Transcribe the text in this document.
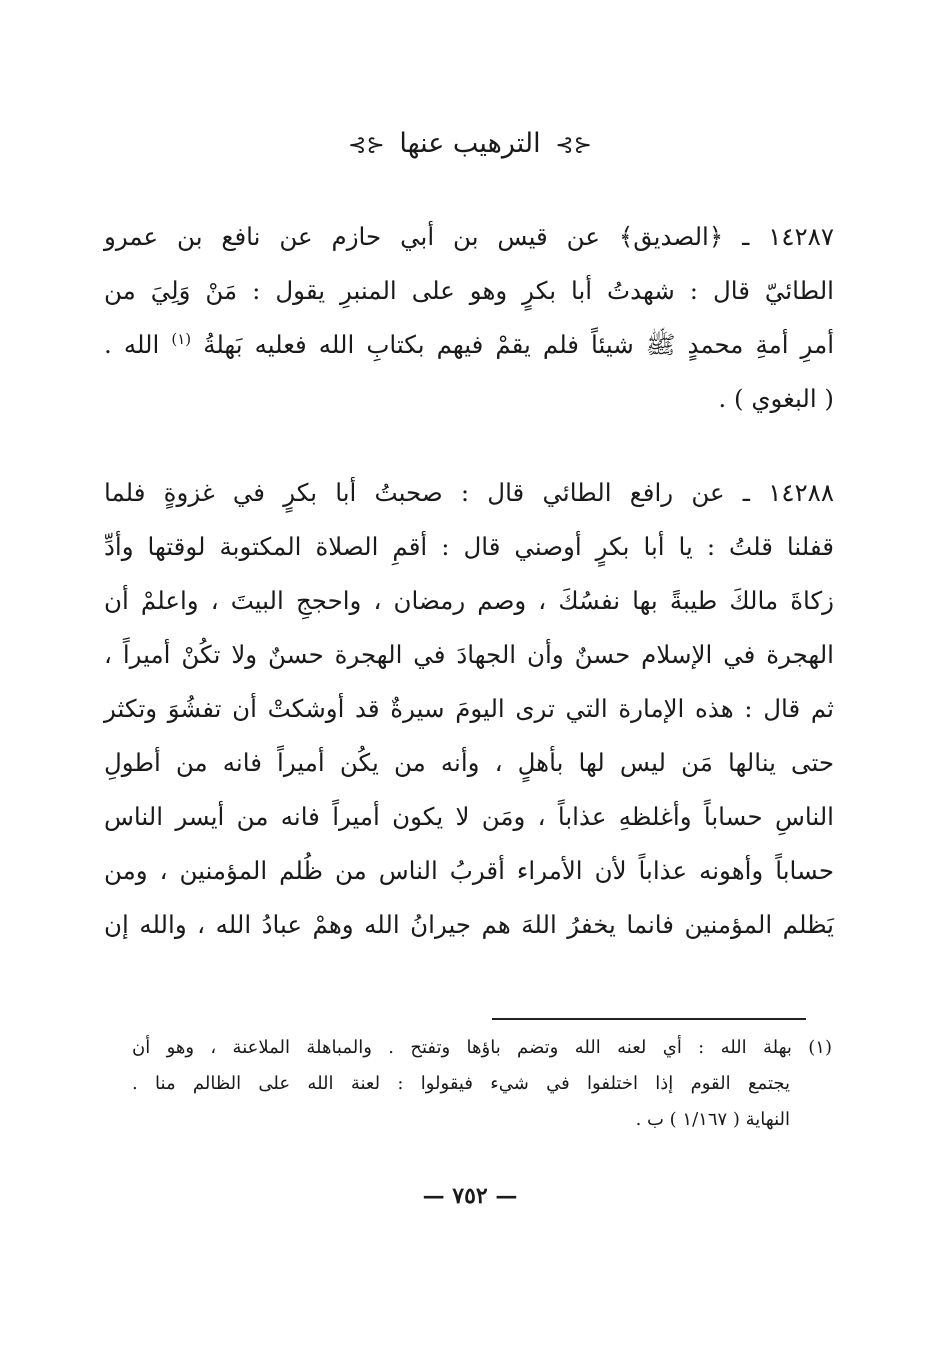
⊰⊱ الترهيب عنها ⊰⊱
١٤٢٨٧ ـ ﴿الصديق﴾ عن قيس بن أبي حازم عن نافع بن عمرو
الطائيّ قال : شهدتُ أبا بكرٍ وهو على المنبرِ يقول : مَنْ وَلِيَ من
أمرِ أمةِ محمدٍ ﷺ شيئاً فلم يقمْ فيهم بكتابِ الله فعليه بَهلةُ $^{(١)}$ الله .
( البغوي ) .
١٤٢٨٨ ـ عن رافع الطائي قال : صحبتُ أبا بكرٍ في غزوةٍ فلما
قفلنا قلتُ : يا أبا بكرٍ أوصني قال : أقمِ الصلاة المكتوبة لوقتها وأدِّ
زكاةَ مالكَ طيبةً بها نفسُكَ ، وصم رمضان ، واحججِ البيتَ ، واعلمْ أن
الهجرة في الإسلام حسنٌ وأن الجهادَ في الهجرة حسنٌ ولا تكُنْ أميراً ،
ثم قال : هذه الإمارة التي ترى اليومَ سيرةٌ قد أوشكتْ أن تفشُوَ وتكثر
حتى ينالها مَن ليس لها بأهلٍ ، وأنه من يكُن أميراً فانه من أطولِ
الناسِ حساباً وأغلظهِ عذاباً ، ومَن لا يكون أميراً فانه من أيسر الناس
حساباً وأهونه عذاباً لأن الأمراء أقربُ الناس من ظُلم المؤمنين ، ومن
يَظلم المؤمنين فانما يخفرُ اللهَ هم جيرانُ الله وهمْ عبادُ الله ، والله إن
(١) بهلة الله : أي لعنه الله وتضم باؤها وتفتح . والمباهلة الملاعنة ، وهو أن
يجتمع القوم إذا اختلفوا في شيء فيقولوا : لعنة الله على الظالم منا .
النهاية ( ١/١٦٧ ) ب .
— ٧٥٢ —
